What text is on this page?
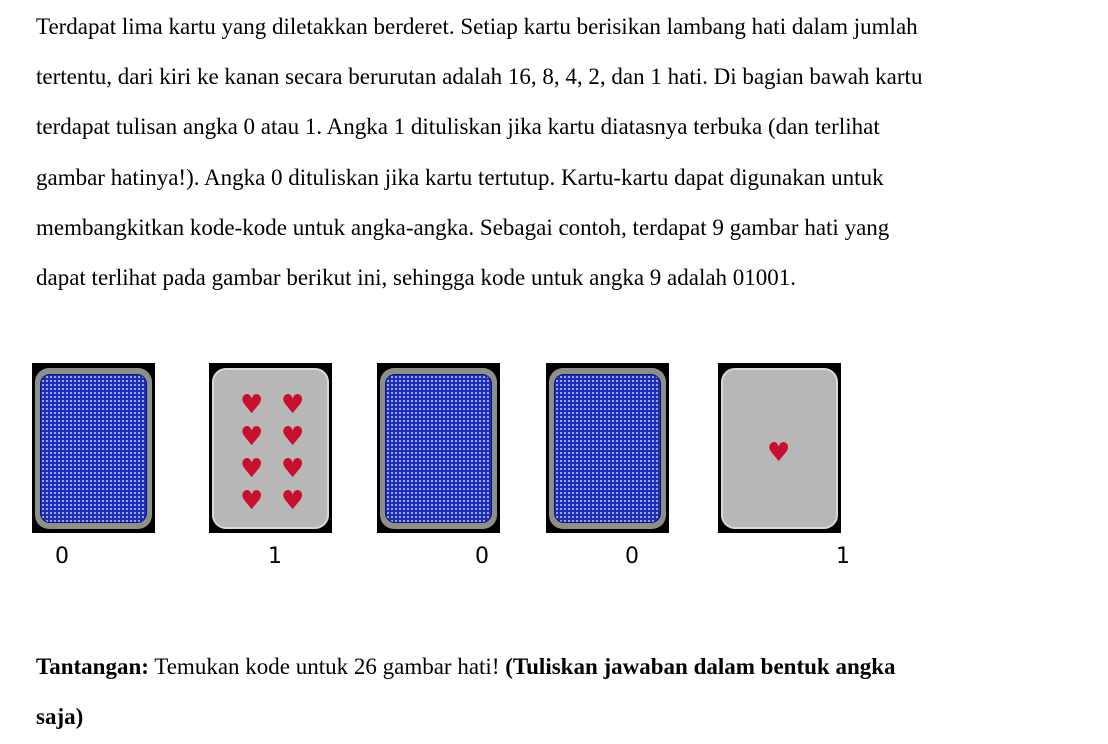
Terdapat lima kartu yang diletakkan berderet. Setiap kartu berisikan lambang hati dalam jumlah
tertentu, dari kiri ke kanan secara berurutan adalah 16, 8, 4, 2, dan 1 hati. Di bagian bawah kartu
terdapat tulisan angka 0 atau 1. Angka 1 dituliskan jika kartu diatasnya terbuka (dan terlihat
gambar hatinya!). Angka 0 dituliskan jika kartu tertutup. Kartu-kartu dapat digunakan untuk
membangkitkan kode-kode untuk angka-angka. Sebagai contoh, terdapat 9 gambar hati yang
dapat terlihat pada gambar berikut ini, sehingga kode untuk angka 9 adalah 01001.
♥ ♥
♥ ♥
♥ ♥
♥ ♥
♥
0	1	0	0	1
Tantangan: Temukan kode untuk 26 gambar hati! (Tuliskan jawaban dalam bentuk angka
saja)
